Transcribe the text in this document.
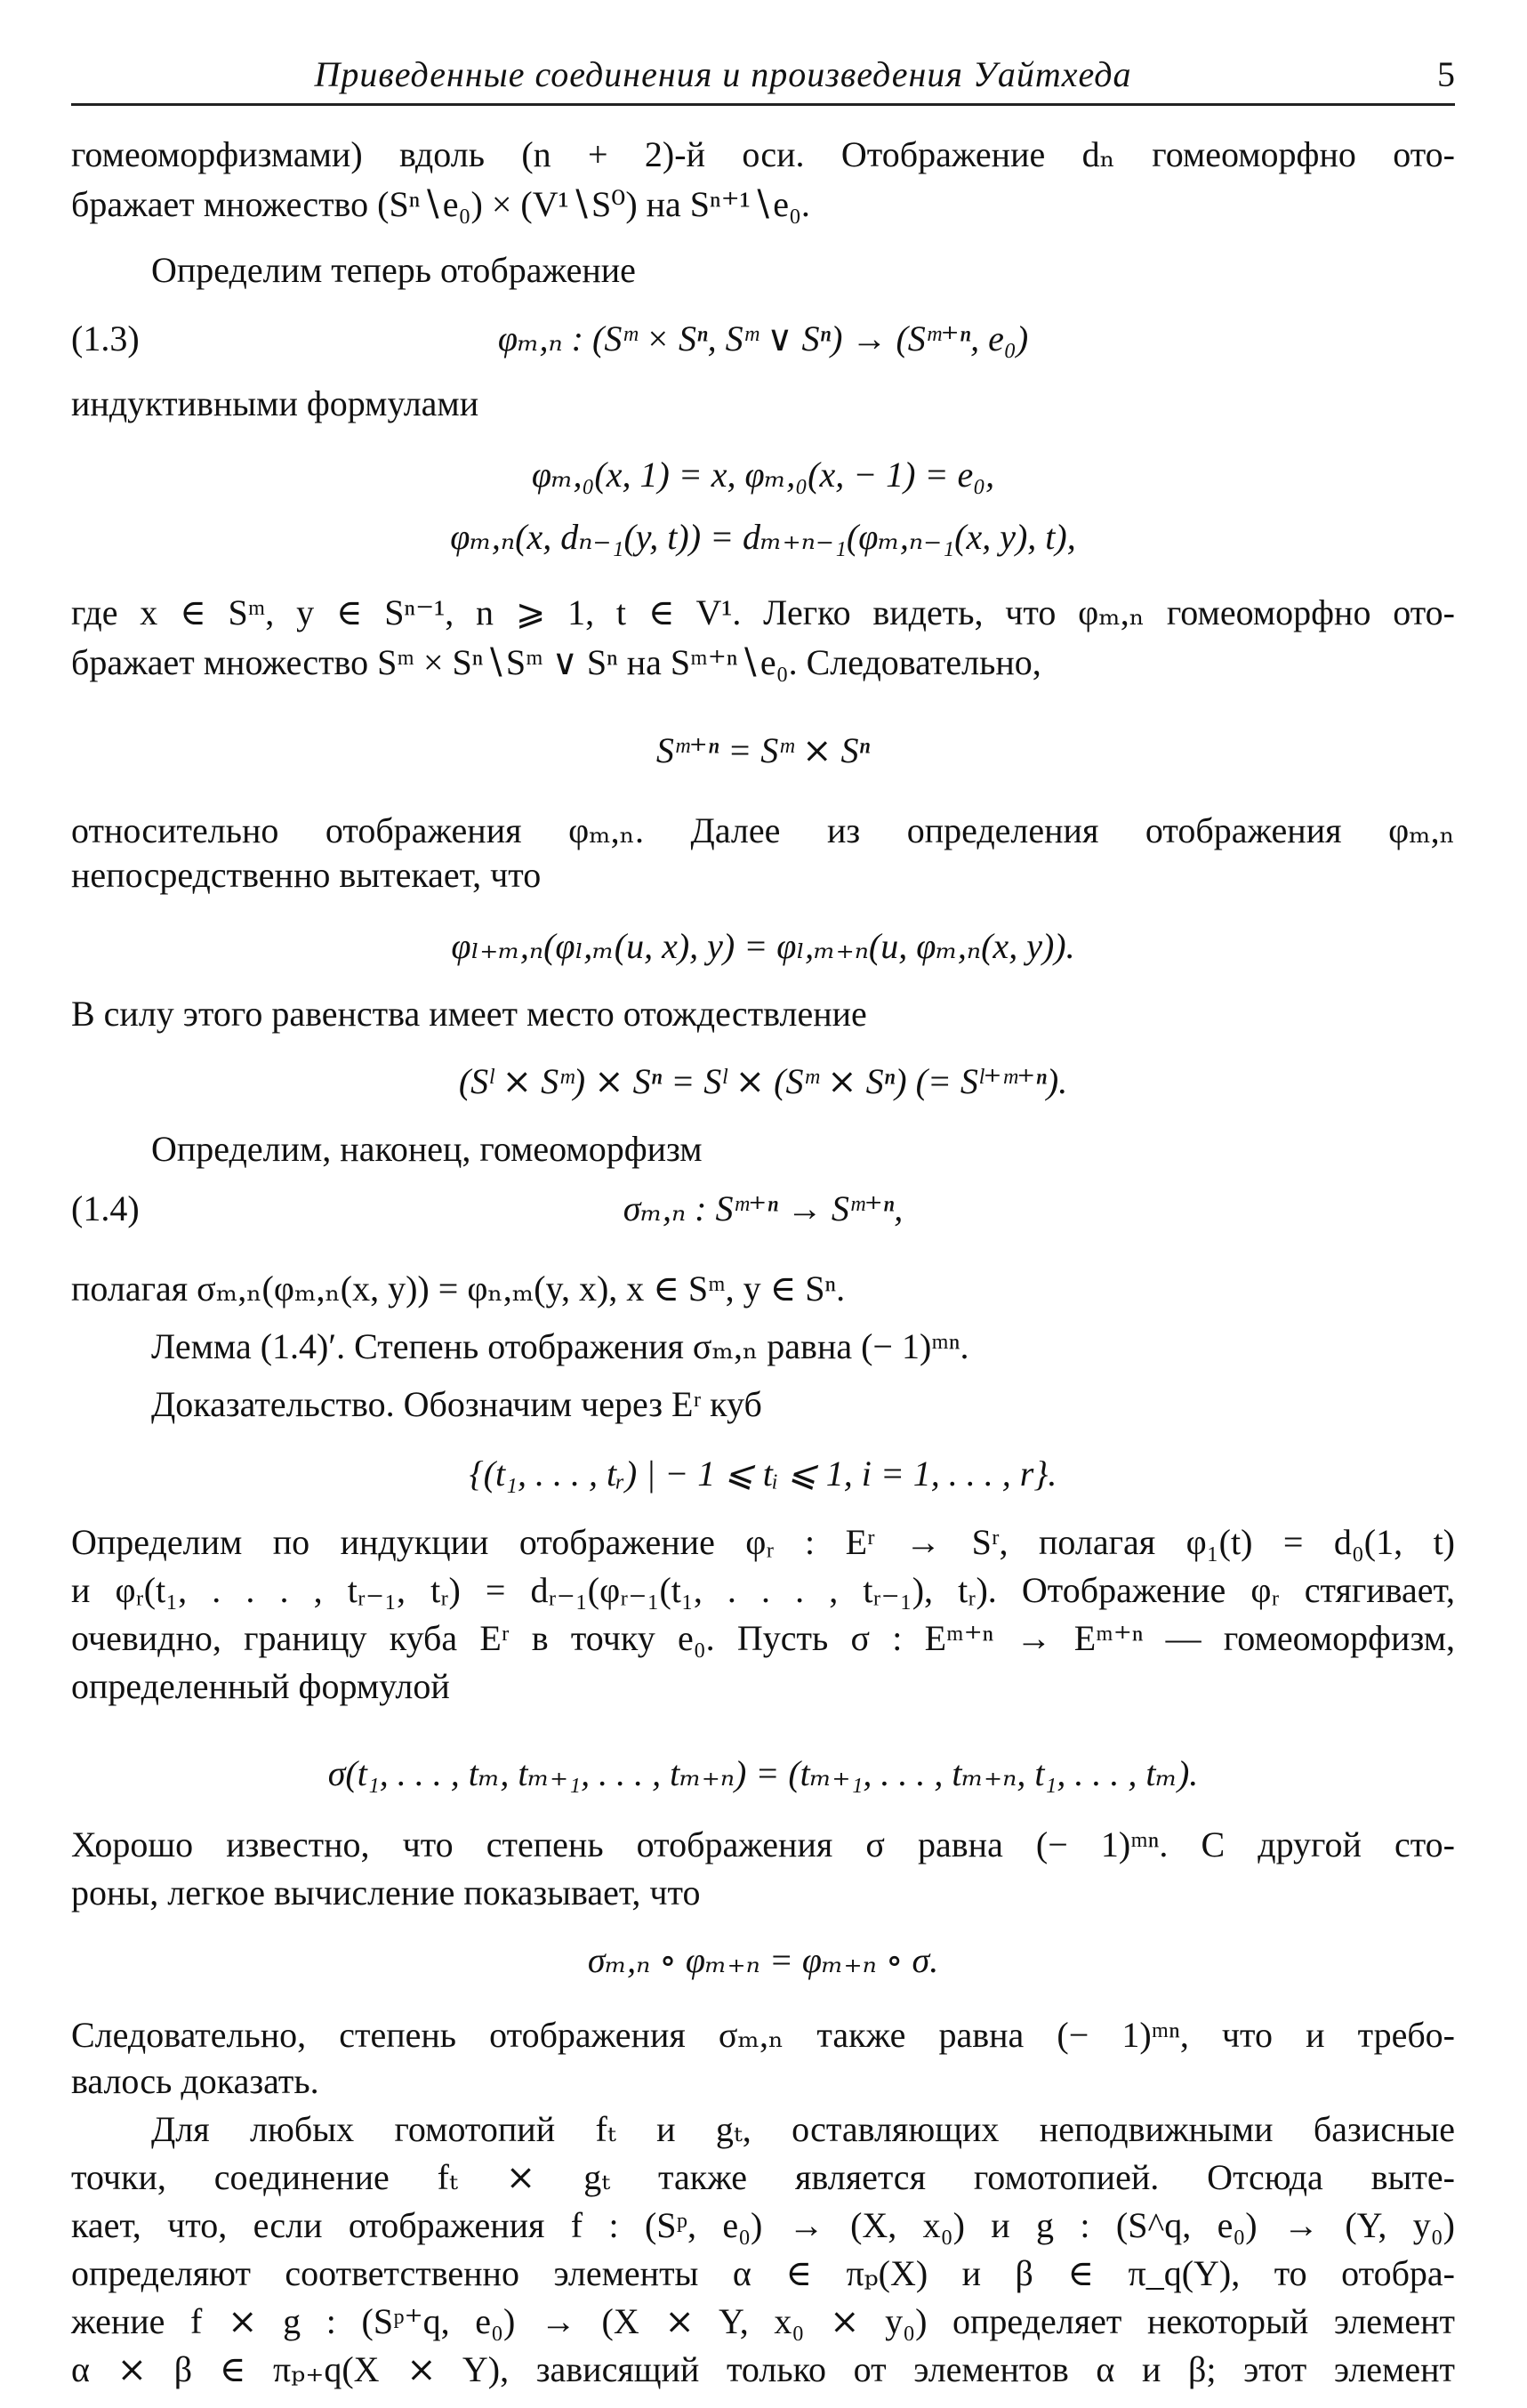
Приведенные соединения и произведения Уайтхеда	5
гомеоморфизмами) вдоль (n + 2)-й оси. Отображение dₙ гомеоморфно ото-
бражает множество (Sⁿ∖e₀) × (V¹∖S⁰) на Sⁿ⁺¹∖e₀.
Определим теперь отображение
(1.3)	φₘ,ₙ : (Sᵐ × Sⁿ, Sᵐ ∨ Sⁿ) → (Sᵐ⁺ⁿ, e₀)
индуктивными формулами
φₘ,₀(x, 1) = x, φₘ,₀(x, − 1) = e₀,
φₘ,ₙ(x, dₙ₋₁(y, t)) = dₘ₊ₙ₋₁(φₘ,ₙ₋₁(x, y), t),
где x ∈ Sᵐ, y ∈ Sⁿ⁻¹, n ⩾ 1, t ∈ V¹. Легко видеть, что φₘ,ₙ гомеоморфно ото-
бражает множество Sᵐ × Sⁿ∖Sᵐ ∨ Sⁿ на Sᵐ⁺ⁿ∖e₀. Следовательно,
Sᵐ⁺ⁿ = Sᵐ ⨯ Sⁿ
относительно отображения φₘ,ₙ. Далее из определения отображения φₘ,ₙ
непосредственно вытекает, что
φₗ₊ₘ,ₙ(φₗ,ₘ(u, x), y) = φₗ,ₘ₊ₙ(u, φₘ,ₙ(x, y)).
В силу этого равенства имеет место отождествление
(Sˡ ⨯ Sᵐ) ⨯ Sⁿ = Sˡ ⨯ (Sᵐ ⨯ Sⁿ) (= Sˡ⁺ᵐ⁺ⁿ).
Определим, наконец, гомеоморфизм
(1.4)	σₘ,ₙ : Sᵐ⁺ⁿ → Sᵐ⁺ⁿ,
полагая σₘ,ₙ(φₘ,ₙ(x, y)) = φₙ,ₘ(y, x), x ∈ Sᵐ, y ∈ Sⁿ.
Лемма (1.4)′. Степень отображения σₘ,ₙ равна (− 1)ᵐⁿ.
Доказательство. Обозначим через Eʳ куб
{(t₁, . . . , tᵣ) | − 1 ⩽ tᵢ ⩽ 1, i = 1, . . . , r}.
Определим по индукции отображение φᵣ : Eʳ → Sʳ, полагая φ₁(t) = d₀(1, t)
и φᵣ(t₁, . . . , tᵣ₋₁, tᵣ) = dᵣ₋₁(φᵣ₋₁(t₁, . . . , tᵣ₋₁), tᵣ). Отображение φᵣ стягивает,
очевидно, границу куба Eʳ в точку e₀. Пусть σ : Eᵐ⁺ⁿ → Eᵐ⁺ⁿ — гомеоморфизм,
определенный формулой
σ(t₁, . . . , tₘ, tₘ₊₁, . . . , tₘ₊ₙ) = (tₘ₊₁, . . . , tₘ₊ₙ, t₁, . . . , tₘ).
Хорошо известно, что степень отображения σ равна (− 1)ᵐⁿ. С другой сто-
роны, легкое вычисление показывает, что
σₘ,ₙ ∘ φₘ₊ₙ = φₘ₊ₙ ∘ σ.
Следовательно, степень отображения σₘ,ₙ также равна (− 1)ᵐⁿ, что и требо-
валось доказать.
Для любых гомотопий fₜ и gₜ, оставляющих неподвижными базисные
точки, соединение fₜ ⨯ gₜ также является гомотопией. Отсюда выте-
кает, что, если отображения f : (Sᵖ, e₀) → (X, x₀) и g : (S^q, e₀) → (Y, y₀)
определяют соответственно элементы α ∈ πₚ(X) и β ∈ π_q(Y), то отобра-
жение f ⨯ g : (Sᵖ⁺q, e₀) → (X ⨯ Y, x₀ ⨯ y₀) определяет некоторый элемент
α ⨯ β ∈ πₚ₊q(X ⨯ Y), зависящий только от элементов α и β; этот элемент
